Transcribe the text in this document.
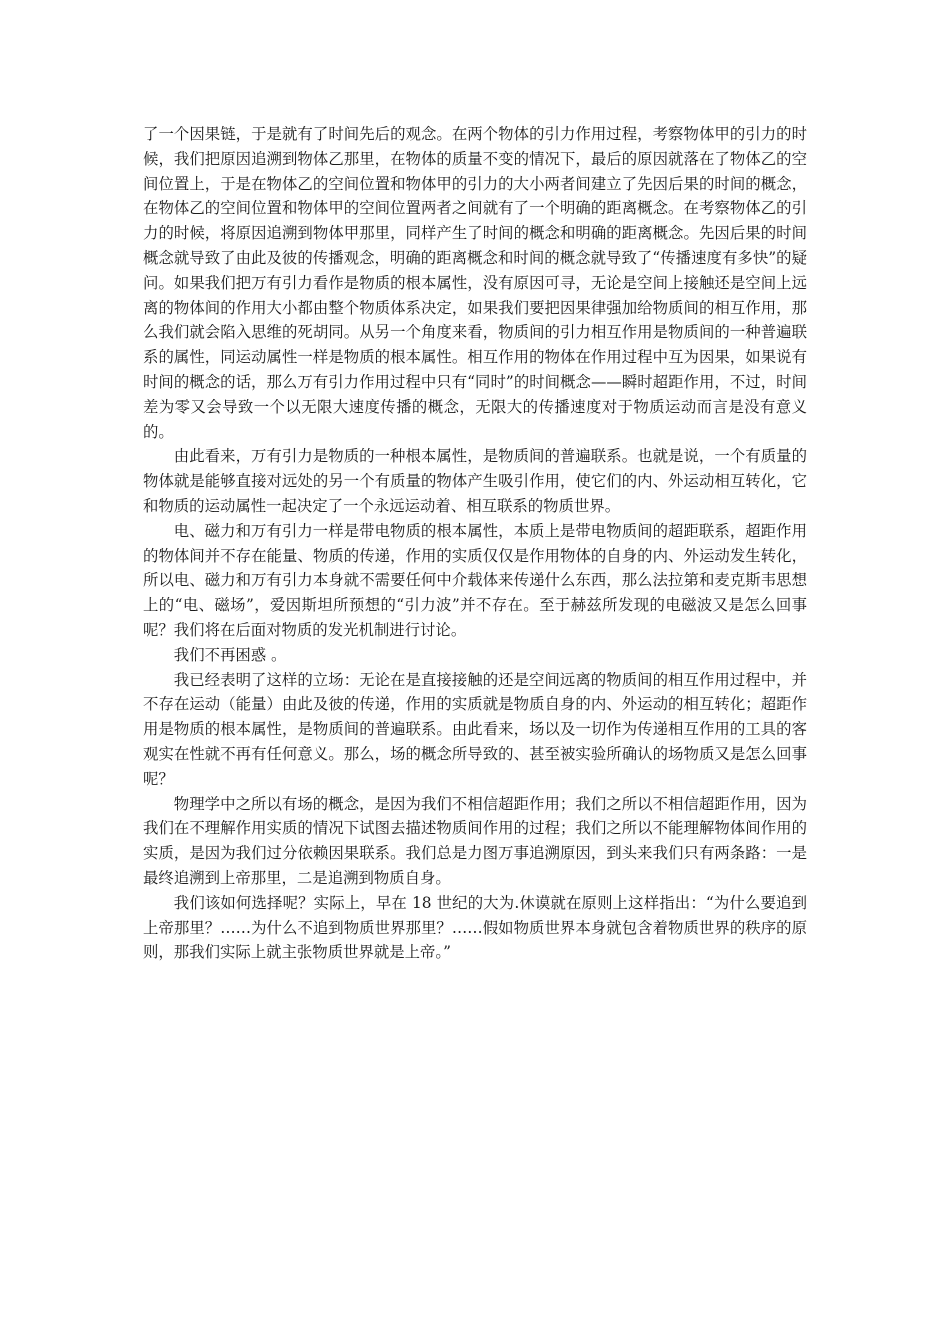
了一个因果链，于是就有了时间先后的观念。在两个物体的引力作用过程，考察物体甲的引力的时候，我们把原因追溯到物体乙那里，在物体的质量不变的情况下，最后的原因就落在了物体乙的空间位置上，于是在物体乙的空间位置和物体甲的引力的大小两者间建立了先因后果的时间的概念，在物体乙的空间位置和物体甲的空间位置两者之间就有了一个明确的距离概念。在考察物体乙的引力的时候，将原因追溯到物体甲那里，同样产生了时间的概念和明确的距离概念。先因后果的时间概念就导致了由此及彼的传播观念，明确的距离概念和时间的概念就导致了“传播速度有多快”的疑问。如果我们把万有引力看作是物质的根本属性，没有原因可寻，无论是空间上接触还是空间上远离的物体间的作用大小都由整个物质体系决定，如果我们要把因果律强加给物质间的相互作用，那么我们就会陷入思维的死胡同。从另一个角度来看，物质间的引力相互作用是物质间的一种普遍联系的属性，同运动属性一样是物质的根本属性。相互作用的物体在作用过程中互为因果，如果说有时间的概念的话，那么万有引力作用过程中只有“同时”的时间概念——瞬时超距作用，不过，时间差为零又会导致一个以无限大速度传播的概念，无限大的传播速度对于物质运动而言是没有意义的。

由此看来，万有引力是物质的一种根本属性，是物质间的普遍联系。也就是说，一个有质量的物体就是能够直接对远处的另一个有质量的物体产生吸引作用，使它们的内、外运动相互转化，它和物质的运动属性一起决定了一个永远运动着、相互联系的物质世界。

电、磁力和万有引力一样是带电物质的根本属性，本质上是带电物质间的超距联系，超距作用的物体间并不存在能量、物质的传递，作用的实质仅仅是作用物体的自身的内、外运动发生转化，所以电、磁力和万有引力本身就不需要任何中介载体来传递什么东西，那么法拉第和麦克斯韦思想上的“电、磁场”，爱因斯坦所预想的“引力波”并不存在。至于赫兹所发现的电磁波又是怎么回事呢？我们将在后面对物质的发光机制进行讨论。

我们不再困惑 。

我已经表明了这样的立场：无论在是直接接触的还是空间远离的物质间的相互作用过程中，并不存在运动（能量）由此及彼的传递，作用的实质就是物质自身的内、外运动的相互转化；超距作用是物质的根本属性，是物质间的普遍联系。由此看来，场以及一切作为传递相互作用的工具的客观实在性就不再有任何意义。那么，场的概念所导致的、甚至被实验所确认的场物质又是怎么回事呢？

物理学中之所以有场的概念，是因为我们不相信超距作用；我们之所以不相信超距作用，因为我们在不理解作用实质的情况下试图去描述物质间作用的过程；我们之所以不能理解物体间作用的实质，是因为我们过分依赖因果联系。我们总是力图万事追溯原因，到头来我们只有两条路：一是最终追溯到上帝那里，二是追溯到物质自身。

我们该如何选择呢？实际上，早在 18 世纪的大为.休谟就在原则上这样指出：“为什么要追到上帝那里？……为什么不追到物质世界那里？……假如物质世界本身就包含着物质世界的秩序的原则，那我们实际上就主张物质世界就是上帝。”
